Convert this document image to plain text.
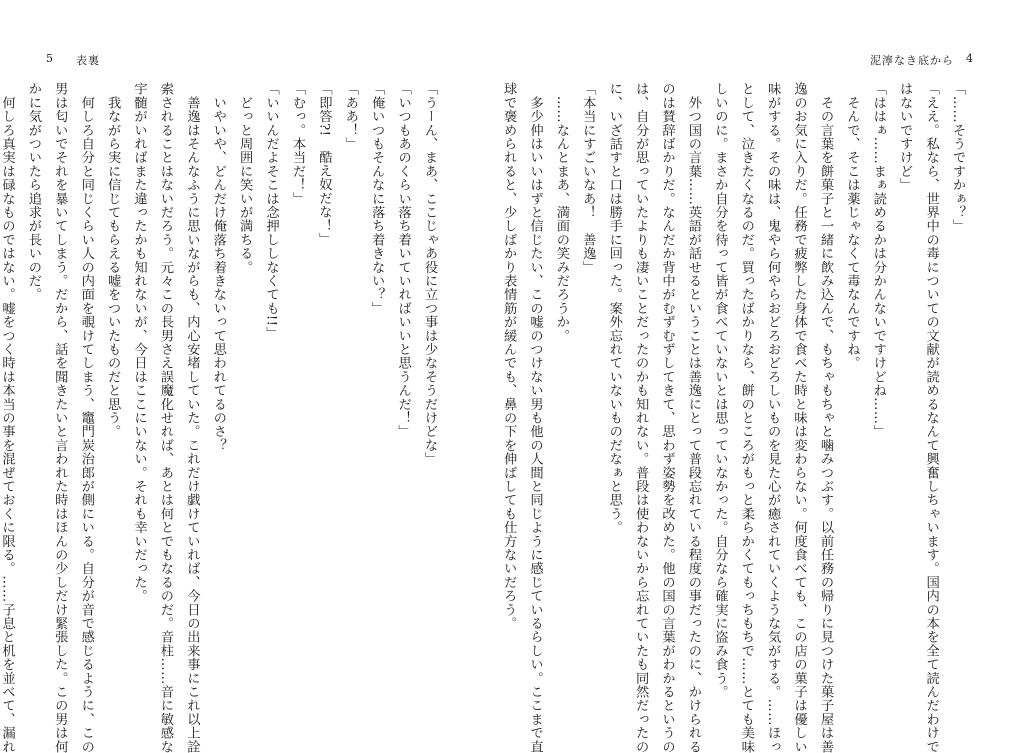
5 表裏
「うーん、まあ、ここじゃあ役に立つ事は少なそうだけどな」
「いつもあのくらい落ち着いていればいいと思うんだ！」
「俺いつもそんなに落ち着きない？」
「ああ！」
「即答?!　酷え奴だな！」
「むっ。本当だ！」
「いいんだよそこは念押ししなくても!!」
　どっと周囲に笑いが満ちる。
　いやいや、どんだけ俺落ち着きないって思われてるのさ？
　善逸はそんなふうに思いながらも、内心安堵していた。これだけ戯けていれば、今日の出来事にこれ以上詮
索されることはないだろう。元々この長男さえ誤魔化せれば、あとは何とでもなるのだ。音柱……音に敏感な
宇髄がいればまた違ったかも知れないが、今日はここにいない。それも幸いだった。
　我ながら実に信じてもらえる嘘をついたものだと思う。
　何しろ自分と同じくらい人の内面を覗けてしまう、竈門炭治郎が側にいる。自分が音で感じるように、この
男は匂いでそれを暴いてしまう。だから、話を聞きたいと言われた時はほんの少しだけ緊張した。この男は何
かに気がついたら追求が長いのだ。
　何しろ真実は碌なものではない。嘘をつく時は本当の事を混ぜておくに限る。……子息と机を並べて、漏れ
泥濘なき底から 4
「……そうですかぁ？」
「ええ。私なら、世界中の毒についての文献が読めるなんて興奮しちゃいます。国内の本を全て読んだわけで
はないですけど」
「ははぁ……まぁ読めるかは分かんないですけどね……」
　そんで、そこは薬じゃなくて毒なんですね。
　その言葉を餅菓子と一緒に飲み込んで、もちゃもちゃと噛みつぶす。以前任務の帰りに見つけた菓子屋は善
逸のお気に入りだ。任務で疲弊した身体で食べた時と味は変わらない。何度食べても、この店の菓子は優しい
味がする。その味は、鬼やら何やらおどろおどろしいものを見た心が癒されていくような気がする。……ほっ
として、泣きたくなるのだ。買ったばかりなら、餅のところがもっと柔らかくてもっちもちで……とても美味
しいのに。まさか自分を待って皆が食べていないとは思っていなかった。自分なら確実に盗み食う。
　外つ国の言葉……英語が話せるということは善逸にとって普段忘れている程度の事だったのに、かけられる
のは賛辞ばかりだ。なんだか背中がむずむずしてきて、思わず姿勢を改めた。他の国の言葉がわかるというの
は、自分が思っていたよりも凄いことだったのかも知れない。普段は使わないから忘れていたも同然だったの
に、いざ話すと口は勝手に回った。案外忘れていないものだなぁと思う。
「本当にすごいなあ！　善逸」
　……なんとまあ、満面の笑みだろうか。
　多少仲はいいはずと信じたい、この嘘のつけない男も他の人間と同じように感じているらしい。ここまで直
球で褒められると、少しばかり表情筋が緩んでも、鼻の下を伸ばしても仕方ないだろう。
